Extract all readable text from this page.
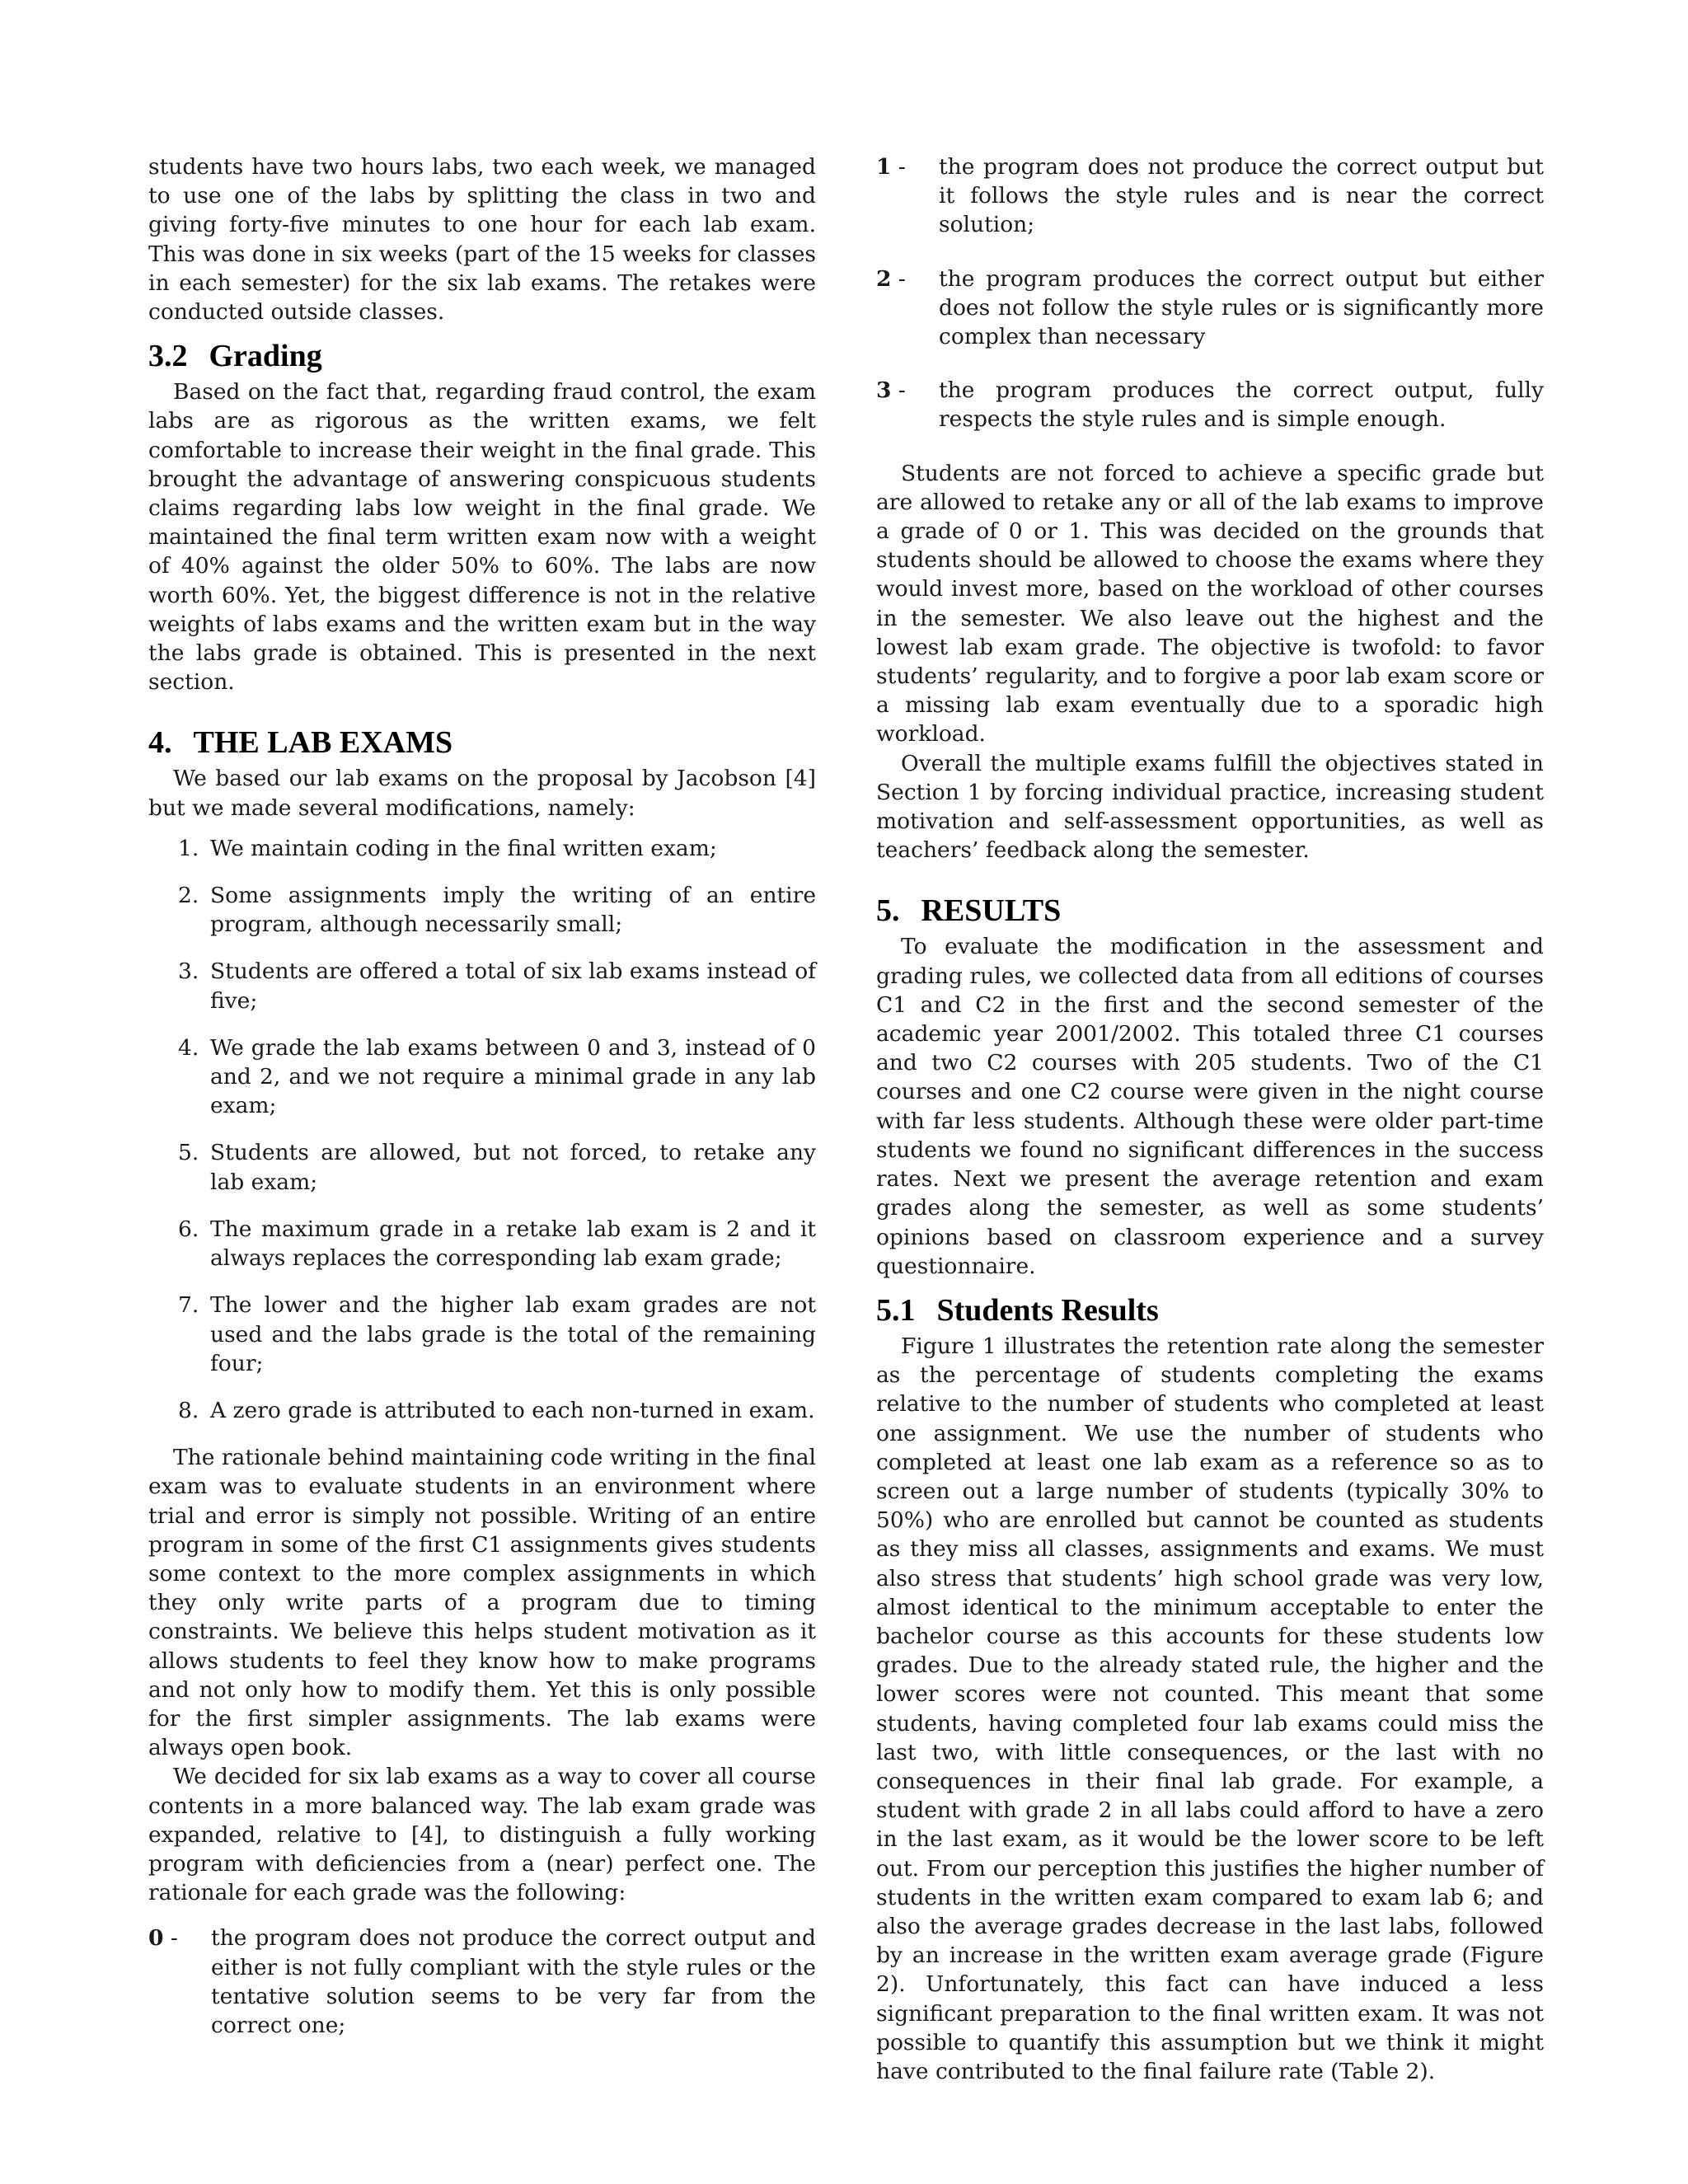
students have two hours labs, two each week, we managed to use one of the labs by splitting the class in two and giving forty-five minutes to one hour for each lab exam. This was done in six weeks (part of the 15 weeks for classes in each semester) for the six lab exams. The retakes were conducted outside classes.

3.2 Grading

Based on the fact that, regarding fraud control, the exam labs are as rigorous as the written exams, we felt comfortable to increase their weight in the final grade. This brought the advantage of answering conspicuous students claims regarding labs low weight in the final grade. We maintained the final term written exam now with a weight of 40% against the older 50% to 60%. The labs are now worth 60%. Yet, the biggest difference is not in the relative weights of labs exams and the written exam but in the way the labs grade is obtained. This is presented in the next section.

4. THE LAB EXAMS

We based our lab exams on the proposal by Jacobson [4] but we made several modifications, namely:

1. We maintain coding in the final written exam;
2. Some assignments imply the writing of an entire program, although necessarily small;
3. Students are offered a total of six lab exams instead of five;
4. We grade the lab exams between 0 and 3, instead of 0 and 2, and we not require a minimal grade in any lab exam;
5. Students are allowed, but not forced, to retake any lab exam;
6. The maximum grade in a retake lab exam is 2 and it always replaces the corresponding lab exam grade;
7. The lower and the higher lab exam grades are not used and the labs grade is the total of the remaining four;
8. A zero grade is attributed to each non-turned in exam.

The rationale behind maintaining code writing in the final exam was to evaluate students in an environment where trial and error is simply not possible. Writing of an entire program in some of the first C1 assignments gives students some context to the more complex assignments in which they only write parts of a program due to timing constraints. We believe this helps student motivation as it allows students to feel they know how to make programs and not only how to modify them. Yet this is only possible for the first simpler assignments. The lab exams were always open book.

We decided for six lab exams as a way to cover all course contents in a more balanced way. The lab exam grade was expanded, relative to [4], to distinguish a fully working program with deficiencies from a (near) perfect one. The rationale for each grade was the following:

0 - the program does not produce the correct output and either is not fully compliant with the style rules or the tentative solution seems to be very far from the correct one;
1 - the program does not produce the correct output but it follows the style rules and is near the correct solution;
2 - the program produces the correct output but either does not follow the style rules or is significantly more complex than necessary
3 - the program produces the correct output, fully respects the style rules and is simple enough.

Students are not forced to achieve a specific grade but are allowed to retake any or all of the lab exams to improve a grade of 0 or 1. This was decided on the grounds that students should be allowed to choose the exams where they would invest more, based on the workload of other courses in the semester. We also leave out the highest and the lowest lab exam grade. The objective is twofold: to favor students’ regularity, and to forgive a poor lab exam score or a missing lab exam eventually due to a sporadic high workload.

Overall the multiple exams fulfill the objectives stated in Section 1 by forcing individual practice, increasing student motivation and self-assessment opportunities, as well as teachers’ feedback along the semester.

5. RESULTS

To evaluate the modification in the assessment and grading rules, we collected data from all editions of courses C1 and C2 in the first and the second semester of the academic year 2001/2002. This totaled three C1 courses and two C2 courses with 205 students. Two of the C1 courses and one C2 course were given in the night course with far less students. Although these were older part-time students we found no significant differences in the success rates. Next we present the average retention and exam grades along the semester, as well as some students’ opinions based on classroom experience and a survey questionnaire.

5.1 Students Results

Figure 1 illustrates the retention rate along the semester as the percentage of students completing the exams relative to the number of students who completed at least one assignment. We use the number of students who completed at least one lab exam as a reference so as to screen out a large number of students (typically 30% to 50%) who are enrolled but cannot be counted as students as they miss all classes, assignments and exams. We must also stress that students’ high school grade was very low, almost identical to the minimum acceptable to enter the bachelor course as this accounts for these students low grades. Due to the already stated rule, the higher and the lower scores were not counted. This meant that some students, having completed four lab exams could miss the last two, with little consequences, or the last with no consequences in their final lab grade. For example, a student with grade 2 in all labs could afford to have a zero in the last exam, as it would be the lower score to be left out. From our perception this justifies the higher number of students in the written exam compared to exam lab 6; and also the average grades decrease in the last labs, followed by an increase in the written exam average grade (Figure 2). Unfortunately, this fact can have induced a less significant preparation to the final written exam. It was not possible to quantify this assumption but we think it might have contributed to the final failure rate (Table 2).
